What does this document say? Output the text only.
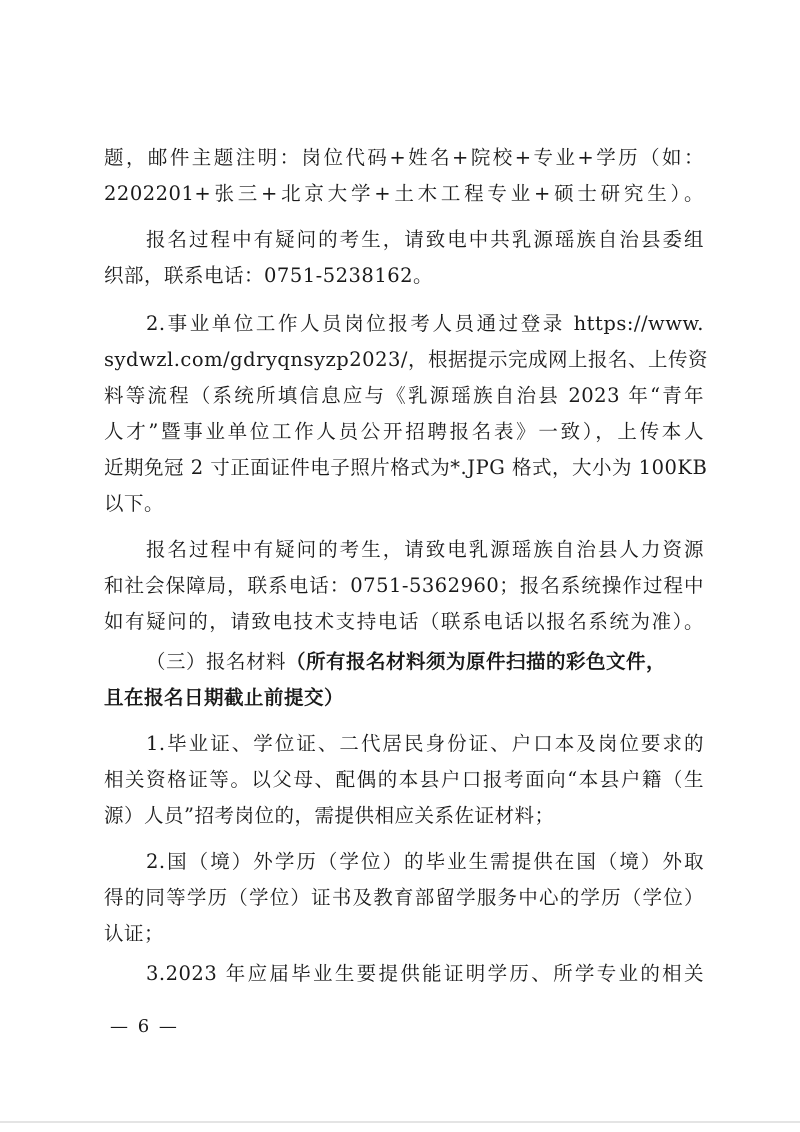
题，邮件主题注明：岗位代码+姓名+院校+专业+学历（如：
2202201+张三+北京大学+土木工程专业+硕士研究生）。
报名过程中有疑问的考生，请致电中共乳源瑶族自治县委组
织部，联系电话：0751-5238162。
2.事业单位工作人员岗位报考人员通过登录 https://www.
sydwzl.com/gdryqnsyzp2023/，根据提示完成网上报名、上传资
料等流程（系统所填信息应与《乳源瑶族自治县 2023 年“青年
人才”暨事业单位工作人员公开招聘报名表》一致），上传本人
近期免冠 2 寸正面证件电子照片格式为*.JPG 格式，大小为 100KB
以下。
报名过程中有疑问的考生，请致电乳源瑶族自治县人力资源
和社会保障局，联系电话：0751-5362960；报名系统操作过程中
如有疑问的，请致电技术支持电话（联系电话以报名系统为准）。
（三）报名材料（所有报名材料须为原件扫描的彩色文件，
且在报名日期截止前提交）
1.毕业证、学位证、二代居民身份证、户口本及岗位要求的
相关资格证等。以父母、配偶的本县户口报考面向“本县户籍（生
源）人员”招考岗位的，需提供相应关系佐证材料；
2.国（境）外学历（学位）的毕业生需提供在国（境）外取
得的同等学历（学位）证书及教育部留学服务中心的学历（学位）
认证；
3.2023 年应届毕业生要提供能证明学历、所学专业的相关
— 6 —
